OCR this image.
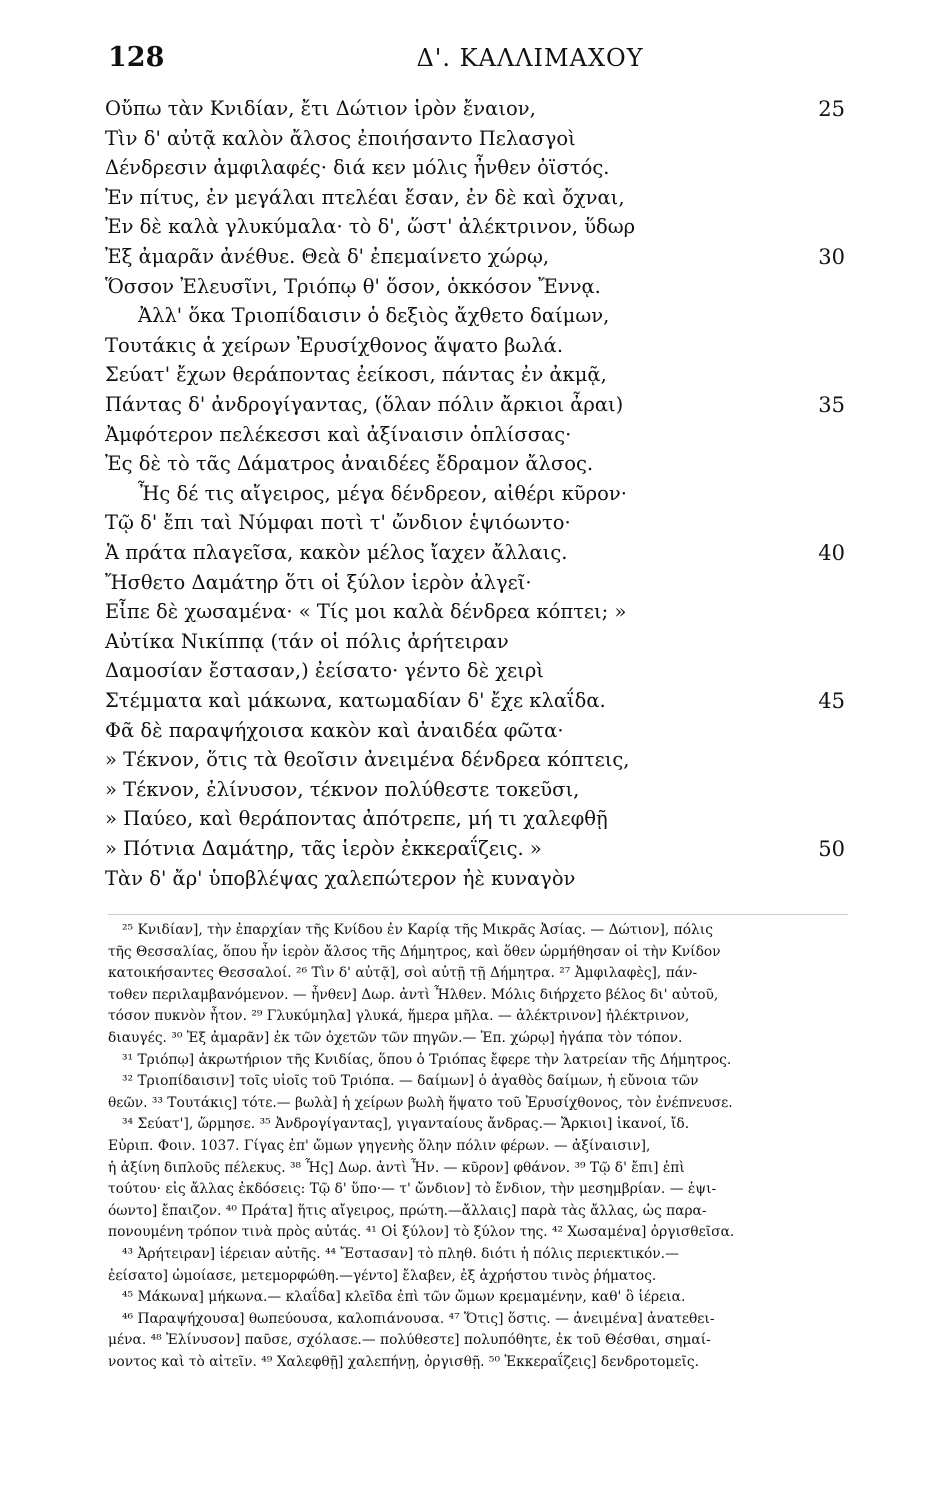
128	Δ'. ΚΑΛΛΙΜΑΧΟΥ
Οὔπω τὰν Κνιδίαν, ἔτι Δώτιον ἱρὸν ἔναιον,	25
Τὶν δ' αὐτᾷ καλὸν ἄλσος ἐποιήσαντο Πελασγοὶ
Δένδρεσιν ἀμφιλαφές· διά κεν μόλις ἦνθεν ὀϊστός.
Ἐν πίτυς, ἐν μεγάλαι πτελέαι ἔσαν, ἐν δὲ καὶ ὄχναι,
Ἐν δὲ καλὰ γλυκύμαλα· τὸ δ', ὥστ' ἀλέκτρινον, ὕδωρ
Ἐξ ἀμαρᾶν ἀνέθυε. Θεὰ δ' ἐπεμαίνετο χώρῳ,	30
Ὅσσον Ἐλευσῖνι, Τριόπῳ θ' ὅσον, ὁκκόσον Ἔννᾳ.
Ἀλλ' ὅκα Τριοπίδαισιν ὁ δεξιὸς ἄχθετο δαίμων,
Τουτάκις ἁ χείρων Ἐρυσίχθονος ἅψατο βωλά.
Σεύατ' ἔχων θεράποντας ἐείκοσι, πάντας ἐν ἀκμᾷ,
Πάντας δ' ἀνδρογίγαντας, (ὅλαν πόλιν ἄρκιοι ἆραι)	35
Ἀμφότερον πελέκεσσι καὶ ἀξίναισιν ὁπλίσσας·
Ἐς δὲ τὸ τᾶς Δάματρος ἀναιδέες ἔδραμον ἄλσος.
Ἦς δέ τις αἴγειρος, μέγα δένδρεον, αἰθέρι κῦρον·
Τῷ δ' ἔπι ταὶ Νύμφαι ποτὶ τ' ὤνδιον ἑψιόωντο·
Ἁ πράτα πλαγεῖσα, κακὸν μέλος ἴαχεν ἄλλαις.	40
Ἤσθετο Δαμάτηρ ὅτι οἱ ξύλον ἱερὸν ἀλγεῖ·
Εἶπε δὲ χωσαμένα· « Τίς μοι καλὰ δένδρεα κόπτει; »
Αὐτίκα Νικίππᾳ (τάν οἱ πόλις ἀρήτειραν
Δαμοσίαν ἔστασαν,) ἐείσατο· γέντο δὲ χειρὶ
Στέμματα καὶ μάκωνα, κατωμαδίαν δ' ἔχε κλαΐδα.	45
Φᾶ δὲ παραψήχοισα κακὸν καὶ ἀναιδέα φῶτα·
» Τέκνον, ὅτις τὰ θεοῖσιν ἀνειμένα δένδρεα κόπτεις,
» Τέκνον, ἐλίνυσον, τέκνον πολύθεστε τοκεῦσι,
» Παύεο, καὶ θεράποντας ἀπότρεπε, μή τι χαλεφθῇ
» Πότνια Δαμάτηρ, τᾶς ἱερὸν ἐκκεραΐζεις. »	50
Τὰν δ' ἄρ' ὑποβλέψας χαλεπώτερον ἠὲ κυναγὸν

²⁵ Κνιδίαν], τὴν ἐπαρχίαν τῆς Κνίδου ἐν Καρίᾳ τῆς Μικρᾶς Ἀσίας. — Δώτιον], πόλις

τῆς Θεσσαλίας, ὅπου ἦν ἱερὸν ἄλσος τῆς Δήμητρος, καὶ ὅθεν ὡρμήθησαν οἱ τὴν Κνίδον

κατοικήσαντες Θεσσαλοί. ²⁶ Τὶν δ' αὐτᾷ], σοὶ αὐτῇ τῇ Δήμητρα. ²⁷ Ἀμφιλαφὲς], πάν-

τοθεν περιλαμβανόμενον. — ἦνθεν] Δωρ. ἀντὶ Ἦλθεν. Μόλις διήρχετο βέλος δι' αὐτοῦ,

τόσον πυκνὸν ἦτον. ²⁹ Γλυκύμηλα] γλυκά, ἥμερα μῆλα. — ἀλέκτρινον] ἠλέκτρινον,

διαυγές. ³⁰ Ἐξ ἀμαρᾶν] ἐκ τῶν ὀχετῶν τῶν πηγῶν.— Ἐπ. χώρῳ] ἠγάπα τὸν τόπον.

³¹ Τριόπῳ] ἀκρωτήριον τῆς Κνιδίας, ὅπου ὁ Τριόπας ἔφερε τὴν λατρείαν τῆς Δήμητρος.

³² Τριοπίδαισιν] τοῖς υἱοῖς τοῦ Τριόπα. — δαίμων] ὁ ἀγαθὸς δαίμων, ἡ εὔνοια τῶν

θεῶν. ³³ Τουτάκις] τότε.— βωλὰ] ἡ χείρων βωλὴ ἥψατο τοῦ Ἐρυσίχθονος, τὸν ἐνέπνευσε.

³⁴ Σεύατ'], ὥρμησε. ³⁵ Ἀνδρογίγαντας], γιγανταίους ἄνδρας.— Ἄρκιοι] ἱκανοί, ἴδ.

Εὐριπ. Φοιν. 1037. Γίγας ἐπ' ὤμων γηγενὴς ὅλην πόλιν φέρων. — ἀξίναισιν],

ἡ ἀξίνη διπλοῦς πέλεκυς. ³⁸ Ἦς] Δωρ. ἀντὶ Ἦν. — κῦρον] φθάνον. ³⁹ Τῷ δ' ἔπι] ἐπὶ

τούτου· εἰς ἄλλας ἐκδόσεις: Τῷ δ' ὕπο·— τ' ὤνδιον] τὸ ἔνδιον, τὴν μεσημβρίαν. — ἑψι-

όωντο] ἔπαιζον. ⁴⁰ Πράτα] ἥτις αἴγειρος, πρώτη.—ἄλλαις] παρὰ τὰς ἄλλας, ὡς παρα-

πονουμένη τρόπον τινὰ πρὸς αὐτάς. ⁴¹ Οἱ ξύλον] τὸ ξύλον της. ⁴² Χωσαμένα] ὀργισθεῖσα.

⁴³ Ἀρήτειραν] ἱέρειαν αὐτῆς. ⁴⁴ Ἔστασαν] τὸ πληθ. διότι ἡ πόλις περιεκτικόν.—

ἐείσατο] ὡμοίασε, μετεμορφώθη.—γέντο] ἔλαβεν, ἐξ ἀχρήστου τινὸς ῥήματος.

⁴⁵ Μάκωνα] μήκωνα.— κλαΐδα] κλεῖδα ἐπὶ τῶν ὤμων κρεμαμένην, καθ' ὃ ἱέρεια.

⁴⁶ Παραψήχουσα] θωπεύουσα, καλοπιάνουσα. ⁴⁷ Ὅτις] ὅστις. — ἀνειμένα] ἀνατεθει-

μένα. ⁴⁸ Ἐλίνυσον] παῦσε, σχόλασε.— πολύθεστε] πολυπόθητε, ἐκ τοῦ Θέσθαι, σημαί-

νοντος καὶ τὸ αἰτεῖν. ⁴⁹ Χαλεφθῇ] χαλεπήνῃ, ὀργισθῇ. ⁵⁰ Ἐκκεραΐζεις] δενδροτομεῖς.
